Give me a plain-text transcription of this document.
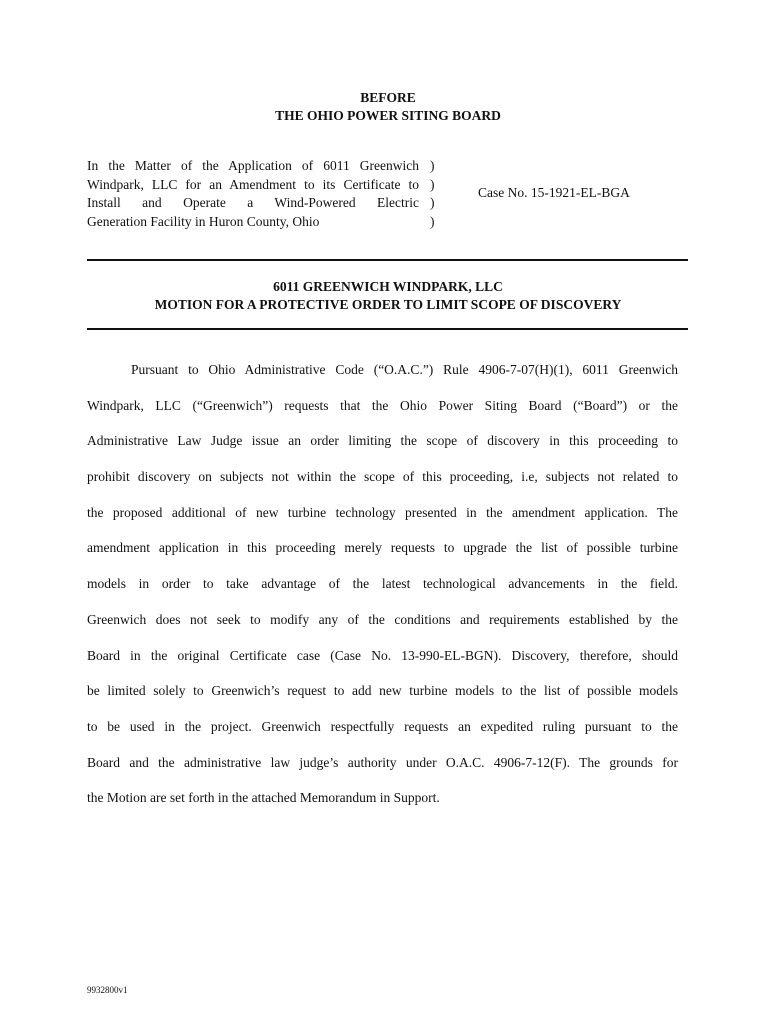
BEFORE
THE OHIO POWER SITING BOARD
In the Matter of the Application of 6011 Greenwich
Windpark, LLC for an Amendment to its Certificate to
Install and Operate a Wind-Powered Electric
Generation Facility in Huron County, Ohio
)
)
)
)
Case No. 15-1921-EL-BGA
6011 GREENWICH WINDPARK, LLC
MOTION FOR A PROTECTIVE ORDER TO LIMIT SCOPE OF DISCOVERY
Pursuant to Ohio Administrative Code (“O.A.C.”) Rule 4906-7-07(H)(1), 6011 Greenwich
Windpark, LLC (“Greenwich”) requests that the Ohio Power Siting Board (“Board”) or the
Administrative Law Judge issue an order limiting the scope of discovery in this proceeding to
prohibit discovery on subjects not within the scope of this proceeding, i.e, subjects not related to
the proposed additional of new turbine technology presented in the amendment application. The
amendment application in this proceeding merely requests to upgrade the list of possible turbine
models in order to take advantage of the latest technological advancements in the field.
Greenwich does not seek to modify any of the conditions and requirements established by the
Board in the original Certificate case (Case No. 13-990-EL-BGN). Discovery, therefore, should
be limited solely to Greenwich’s request to add new turbine models to the list of possible models
to be used in the project. Greenwich respectfully requests an expedited ruling pursuant to the
Board and the administrative law judge’s authority under O.A.C. 4906-7-12(F). The grounds for
the Motion are set forth in the attached Memorandum in Support.
9932800v1
